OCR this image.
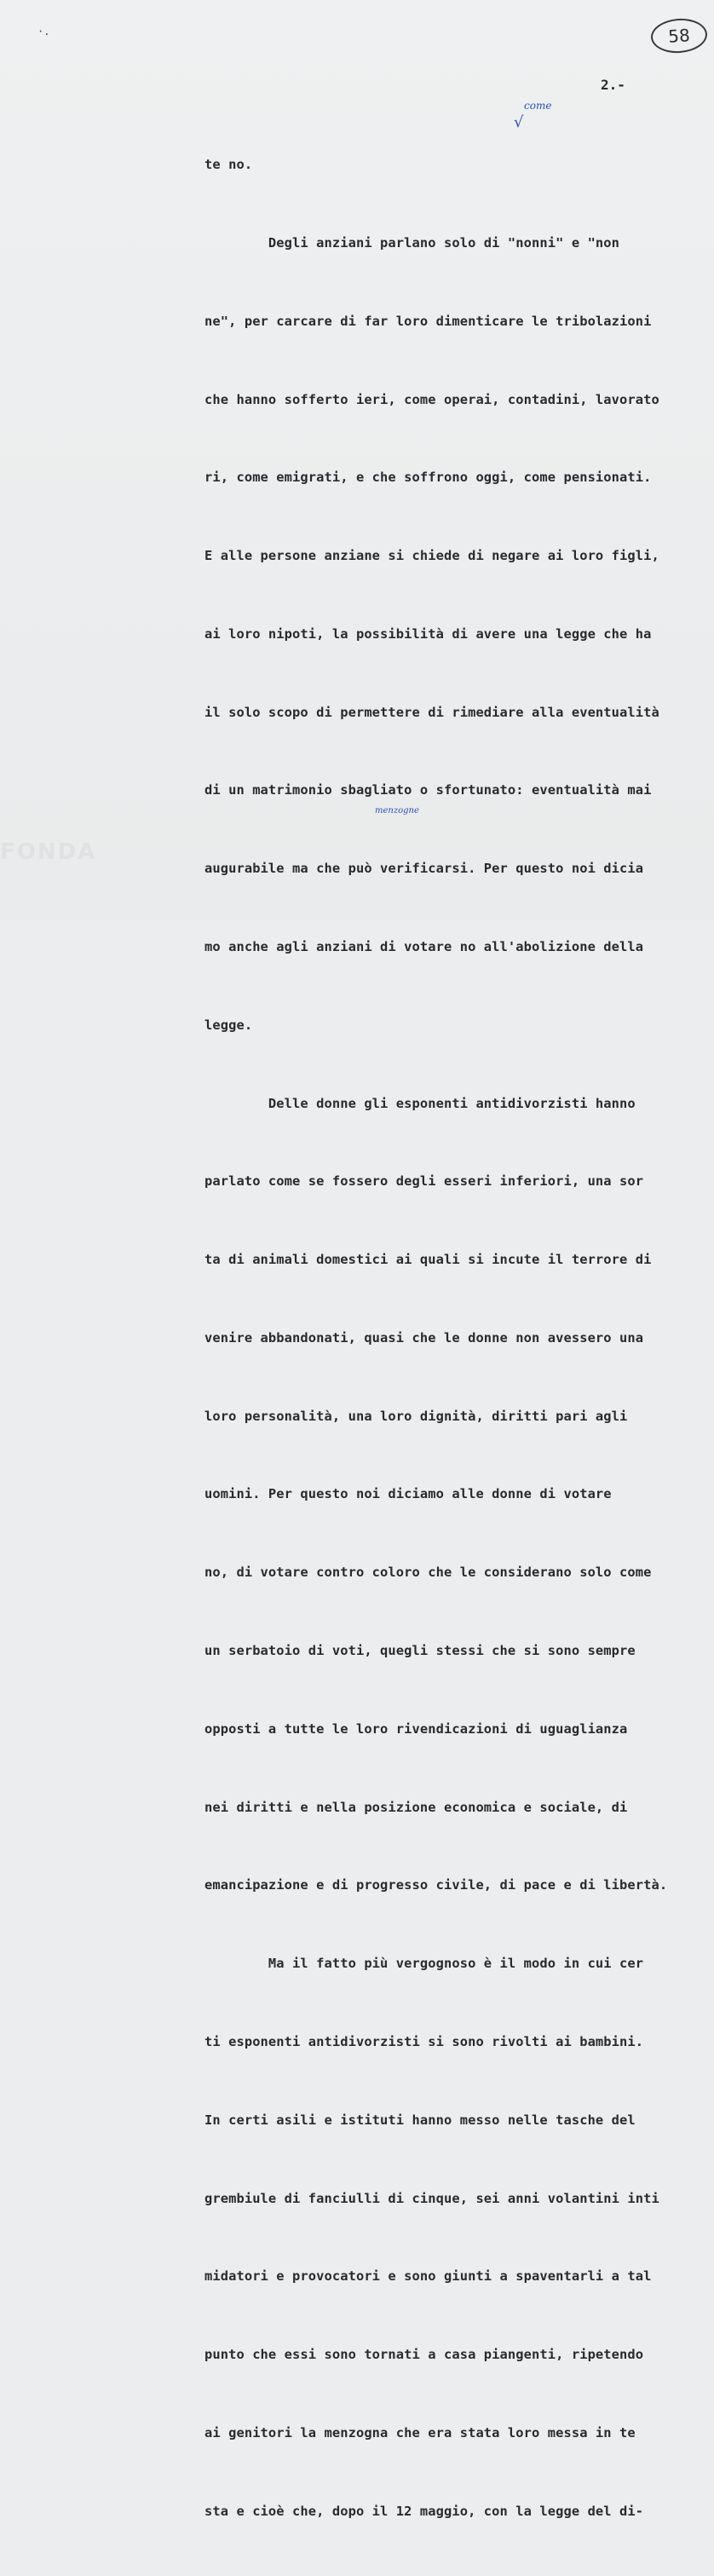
·.	58
2.-
come
√
menzogne

te no.

Degli anziani parlano solo di "nonni" e "non

ne", per carcare di far loro dimenticare le tribolazioni

che hanno sofferto ieri, come operai, contadini, lavorato

ri, come emigrati, e che soffrono oggi, come pensionati.

E alle persone anziane si chiede di negare ai loro figli,

ai loro nipoti, la possibilità di avere una legge che ha

il solo scopo di permettere di rimediare alla eventualità

di un matrimonio sbagliato o sfortunato: eventualità mai

augurabile ma che può verificarsi. Per questo noi dicia

mo anche agli anziani di votare no all'abolizione della

legge.

Delle donne gli esponenti antidivorzisti hanno

parlato come se fossero degli esseri inferiori, una sor

ta di animali domestici ai quali si incute il terrore di

venire abbandonati, quasi che le donne non avessero una

loro personalità, una loro dignità, diritti pari agli

uomini. Per questo noi diciamo alle donne di votare

no, di votare contro coloro che le considerano solo come

un serbatoio di voti, quegli stessi che si sono sempre

opposti a tutte le loro rivendicazioni di uguaglianza

nei diritti e nella posizione economica e sociale, di

emancipazione e di progresso civile, di pace e di libertà.

Ma il fatto più vergognoso è il modo in cui cer

ti esponenti antidivorzisti si sono rivolti ai bambini.

In certi asili e istituti hanno messo nelle tasche del

grembiule di fanciulli di cinque, sei anni volantini inti

midatori e provocatori e sono giunti a spaventarli a tal

punto che essi sono tornati a casa piangenti, ripetendo

ai genitori la menzogna che era stata loro messa in te

sta e cioè che, dopo il 12 maggio, con la legge del di-

FONDA
